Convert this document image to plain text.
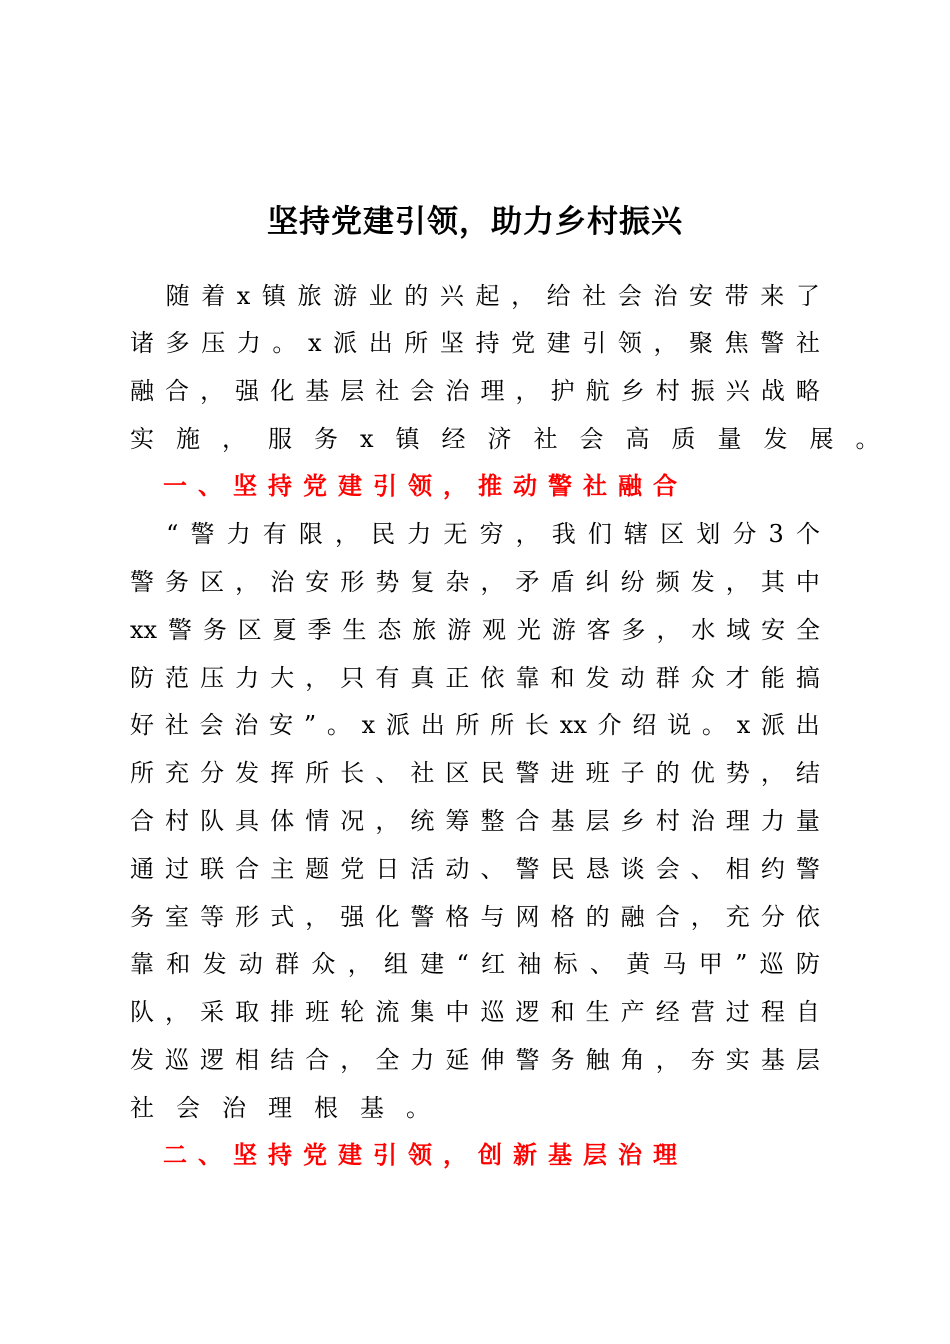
坚持党建引领，助力乡村振兴

随 着 x 镇 旅 游 业 的 兴 起 ， 给 社 会 治 安 带 来 了
诸 多 压 力 。 x 派 出 所 坚 持 党 建 引 领 ， 聚 焦 警 社
融 合 ， 强 化 基 层 社 会 治 理 ， 护 航 乡 村 振 兴 战 略
实 施 ， 服 务 x 镇 经 济 社 会 高 质 量 发 展 。
一、坚持党建引领，推动警社融合

“ 警 力 有 限 ， 民 力 无 穷 ， 我 们 辖 区 划 分 3 个
警 务 区 ， 治 安 形 势 复 杂 ， 矛 盾 纠 纷 频 发 ， 其 中
xx 警 务 区 夏 季 生 态 旅 游 观 光 游 客 多 ， 水 域 安 全
防 范 压 力 大 ， 只 有 真 正 依 靠 和 发 动 群 众 才 能 搞
好 社 会 治 安 ” 。 x 派 出 所 所 长 xx 介 绍 说 。 x 派 出
所 充 分 发 挥 所 长 、 社 区 民 警 进 班 子 的 优 势 ， 结
合 村 队 具 体 情 况 ， 统 筹 整 合 基 层 乡 村 治 理 力 量
通 过 联 合 主 题 党 日 活 动 、 警 民 恳 谈 会 、 相 约 警
务 室 等 形 式 ， 强 化 警 格 与 网 格 的 融 合 ， 充 分 依
靠 和 发 动 群 众 ， 组 建 “ 红 袖 标 、 黄 马 甲 ” 巡 防
队 ， 采 取 排 班 轮 流 集 中 巡 逻 和 生 产 经 营 过 程 自
发 巡 逻 相 结 合 ， 全 力 延 伸 警 务 触 角 ， 夯 实 基 层
社 会 治 理 根 基 。
二、坚持党建引领，创新基层治理
